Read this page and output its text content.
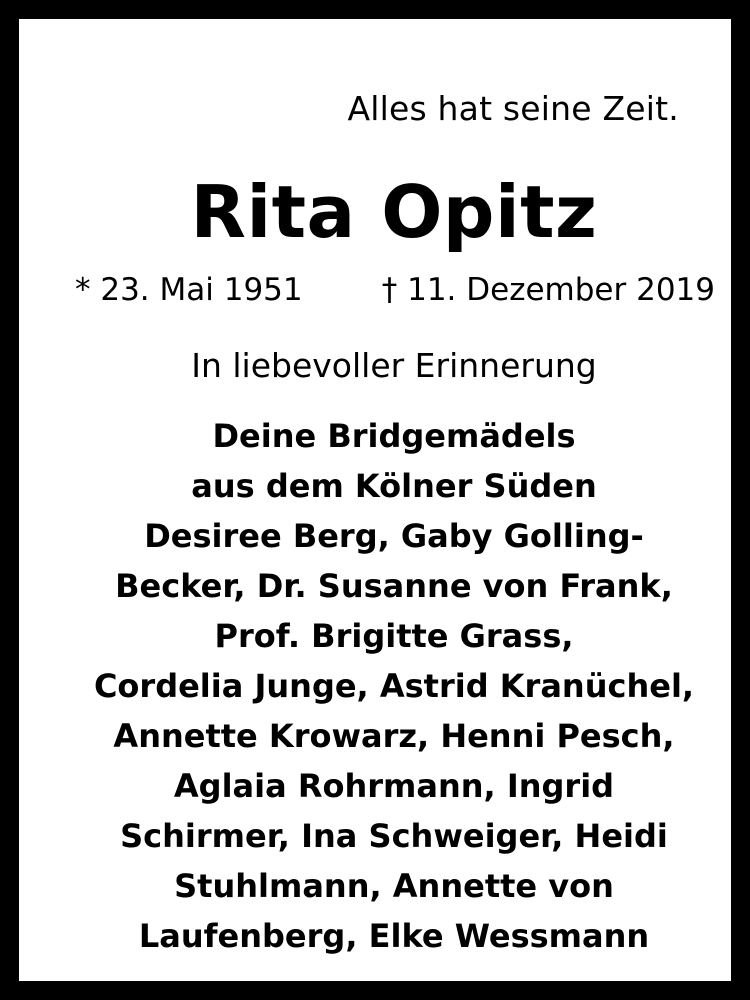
Alles hat seine Zeit.
Rita Opitz
* 23. Mai 1951	† 11. Dezember 2019
In liebevoller Erinnerung
Deine Bridgemädels
aus dem Kölner Süden
Desiree Berg, Gaby Golling-
Becker, Dr. Susanne von Frank,
Prof. Brigitte Grass,
Cordelia Junge, Astrid Kranüchel,
Annette Krowarz, Henni Pesch,
Aglaia Rohrmann, Ingrid
Schirmer, Ina Schweiger, Heidi
Stuhlmann, Annette von
Laufenberg, Elke Wessmann
